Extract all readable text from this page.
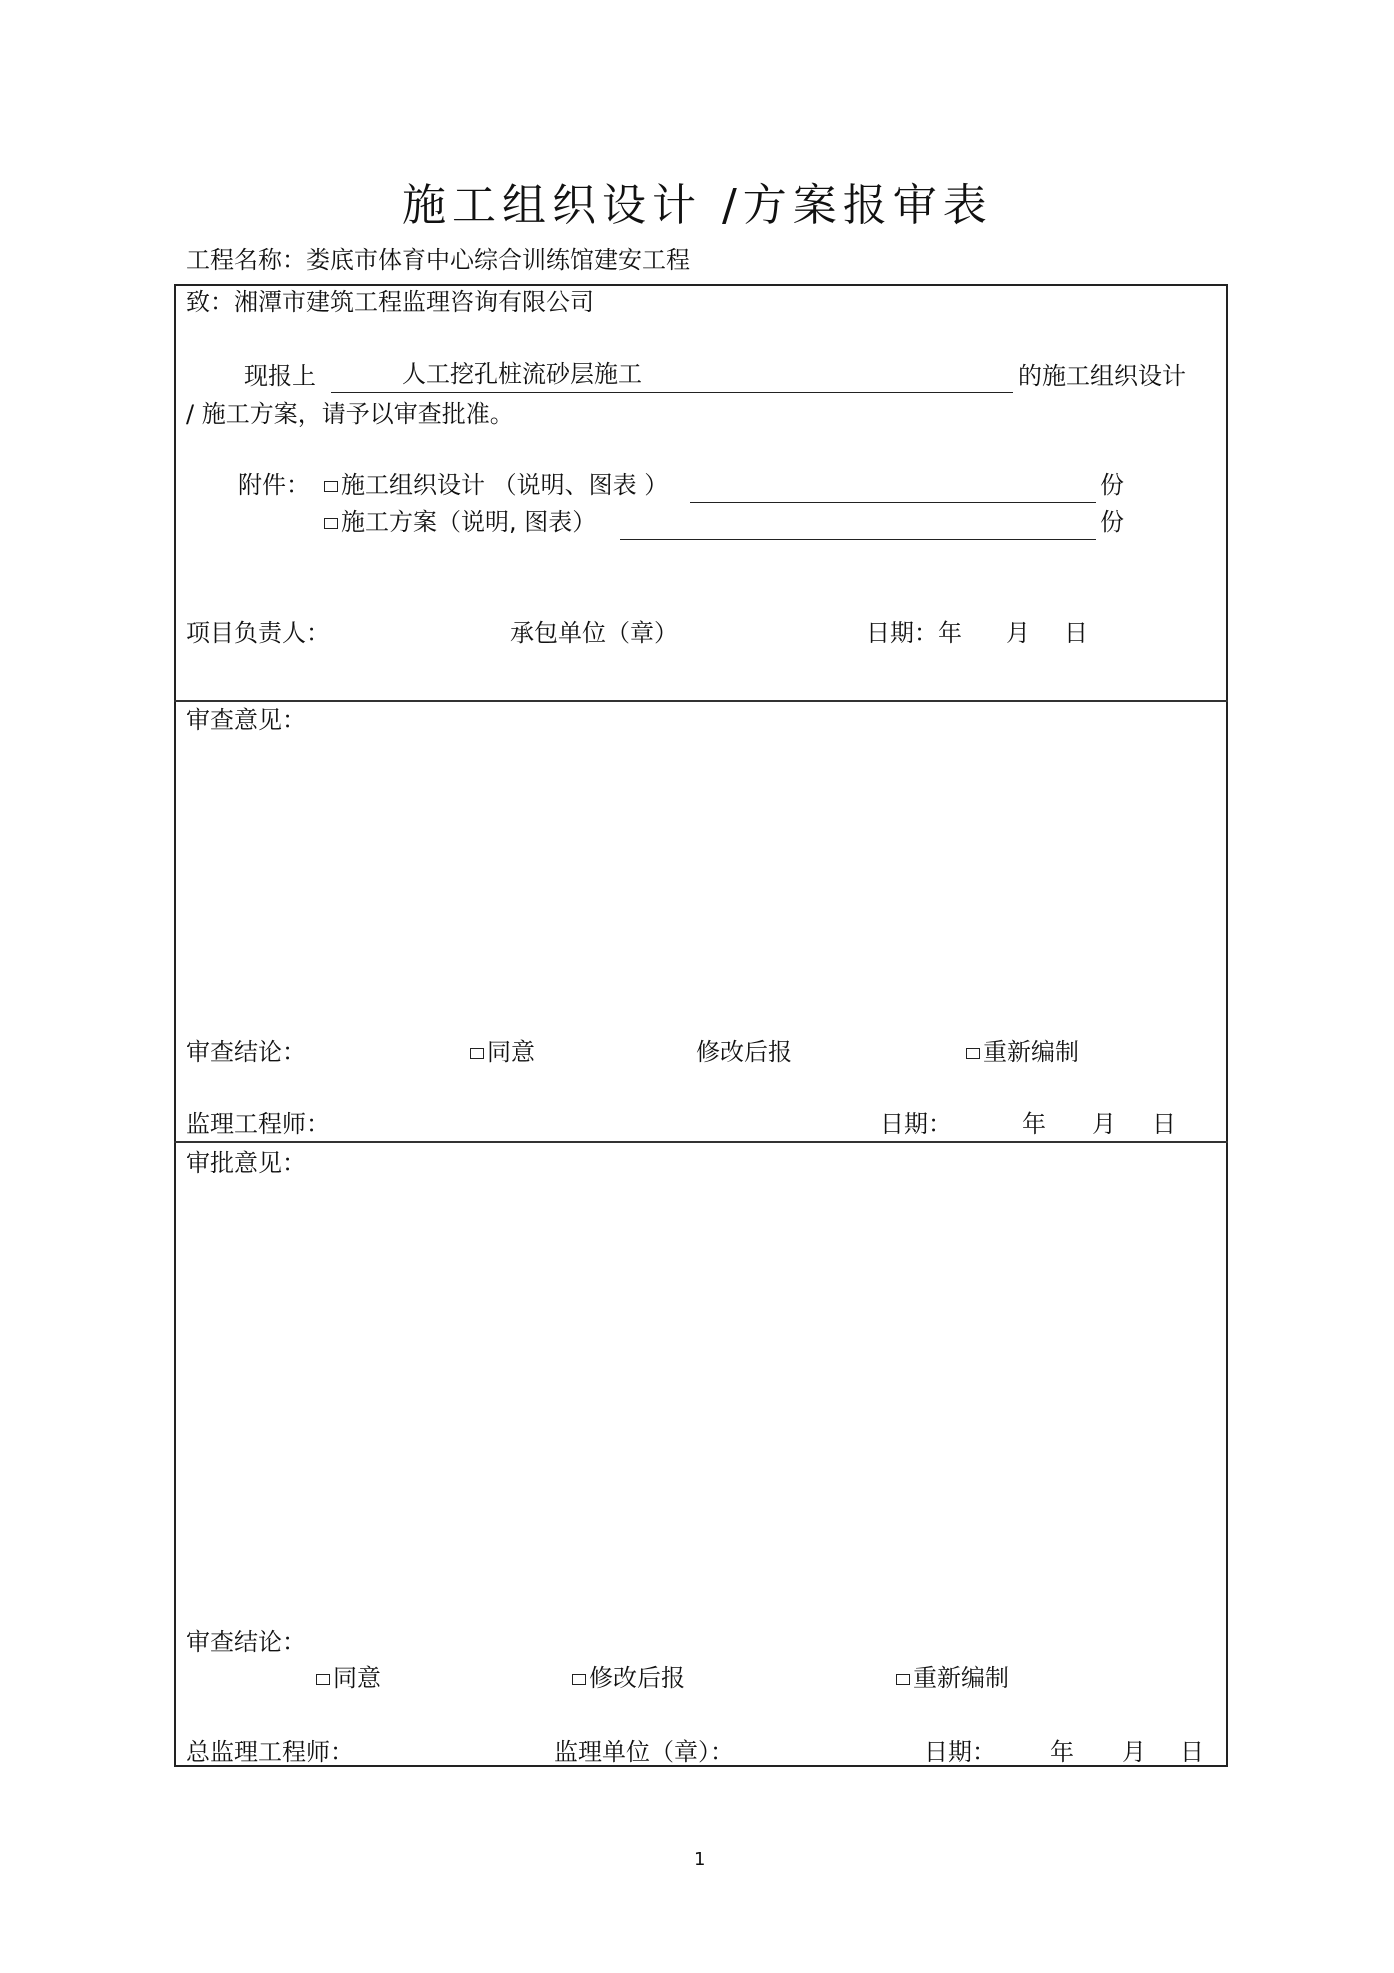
施工组织设计 /方案报审表
工程名称：娄底市体育中心综合训练馆建安工程
致：湘潭市建筑工程监理咨询有限公司
现报上	人工挖孔桩流砂层施工	的施工组织设计
/ 施工方案，请予以审查批准。
附件：	施工组织设计 （说明、图表 ）	份
施工方案（说明, 图表）	份
项目负责人：	承包单位（章）	日期：年 月 日
审查意见：
审查结论：	同意	修改后报	重新编制
监理工程师：	日期：	年 月 日
审批意见：
审查结论：
同意	修改后报	重新编制
总监理工程师：	监理单位（章）：	日期： 年 月 日
1
